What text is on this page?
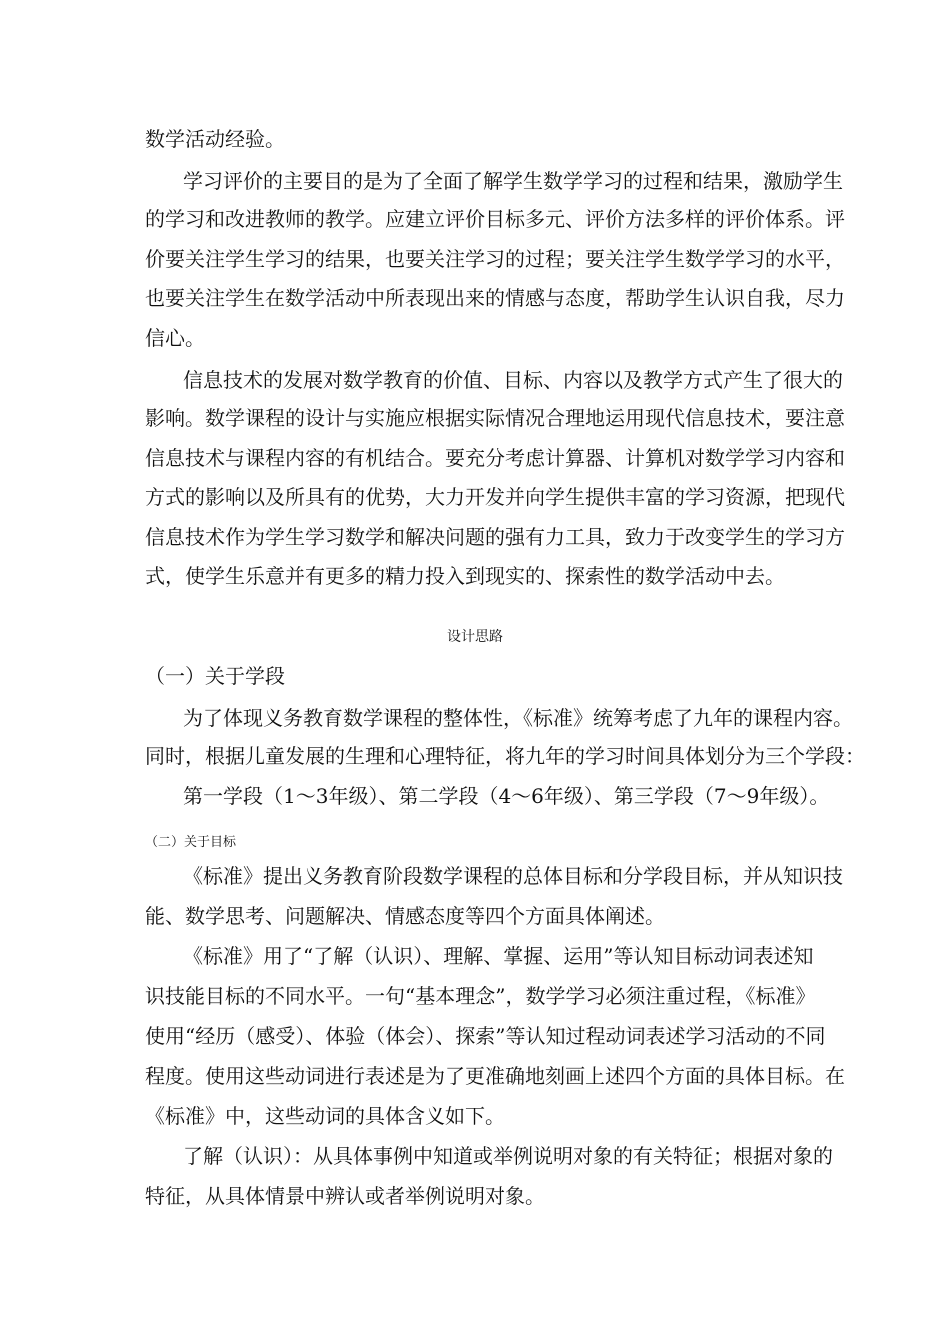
数学活动经验。
学习评价的主要目的是为了全面了解学生数学学习的过程和结果，激励学生
的学习和改进教师的教学。应建立评价目标多元、评价方法多样的评价体系。评
价要关注学生学习的结果，也要关注学习的过程；要关注学生数学学习的水平，
也要关注学生在数学活动中所表现出来的情感与态度，帮助学生认识自我，尽力
信心。
信息技术的发展对数学教育的价值、目标、内容以及教学方式产生了很大的
影响。数学课程的设计与实施应根据实际情况合理地运用现代信息技术，要注意
信息技术与课程内容的有机结合。要充分考虑计算器、计算机对数学学习内容和
方式的影响以及所具有的优势，大力开发并向学生提供丰富的学习资源，把现代
信息技术作为学生学习数学和解决问题的强有力工具，致力于改变学生的学习方
式，使学生乐意并有更多的精力投入到现实的、探索性的数学活动中去。
设计思路
（一）关于学段
为了体现义务教育数学课程的整体性，《标准》统筹考虑了九年的课程内容。
同时，根据儿童发展的生理和心理特征，将九年的学习时间具体划分为三个学段：
第一学段（1～3年级）、第二学段（4～6年级）、第三学段（7～9年级）。
（二）关于目标
《标准》提出义务教育阶段数学课程的总体目标和分学段目标，并从知识技
能、数学思考、问题解决、情感态度等四个方面具体阐述。
《标准》用了“了解（认识）、理解、掌握、运用”等认知目标动词表述知
识技能目标的不同水平。一句“基本理念”，数学学习必须注重过程，《标准》
使用“经历（感受）、体验（体会）、探索”等认知过程动词表述学习活动的不同
程度。使用这些动词进行表述是为了更准确地刻画上述四个方面的具体目标。在
《标准》中，这些动词的具体含义如下。
了解（认识）：从具体事例中知道或举例说明对象的有关特征；根据对象的
特征，从具体情景中辨认或者举例说明对象。
